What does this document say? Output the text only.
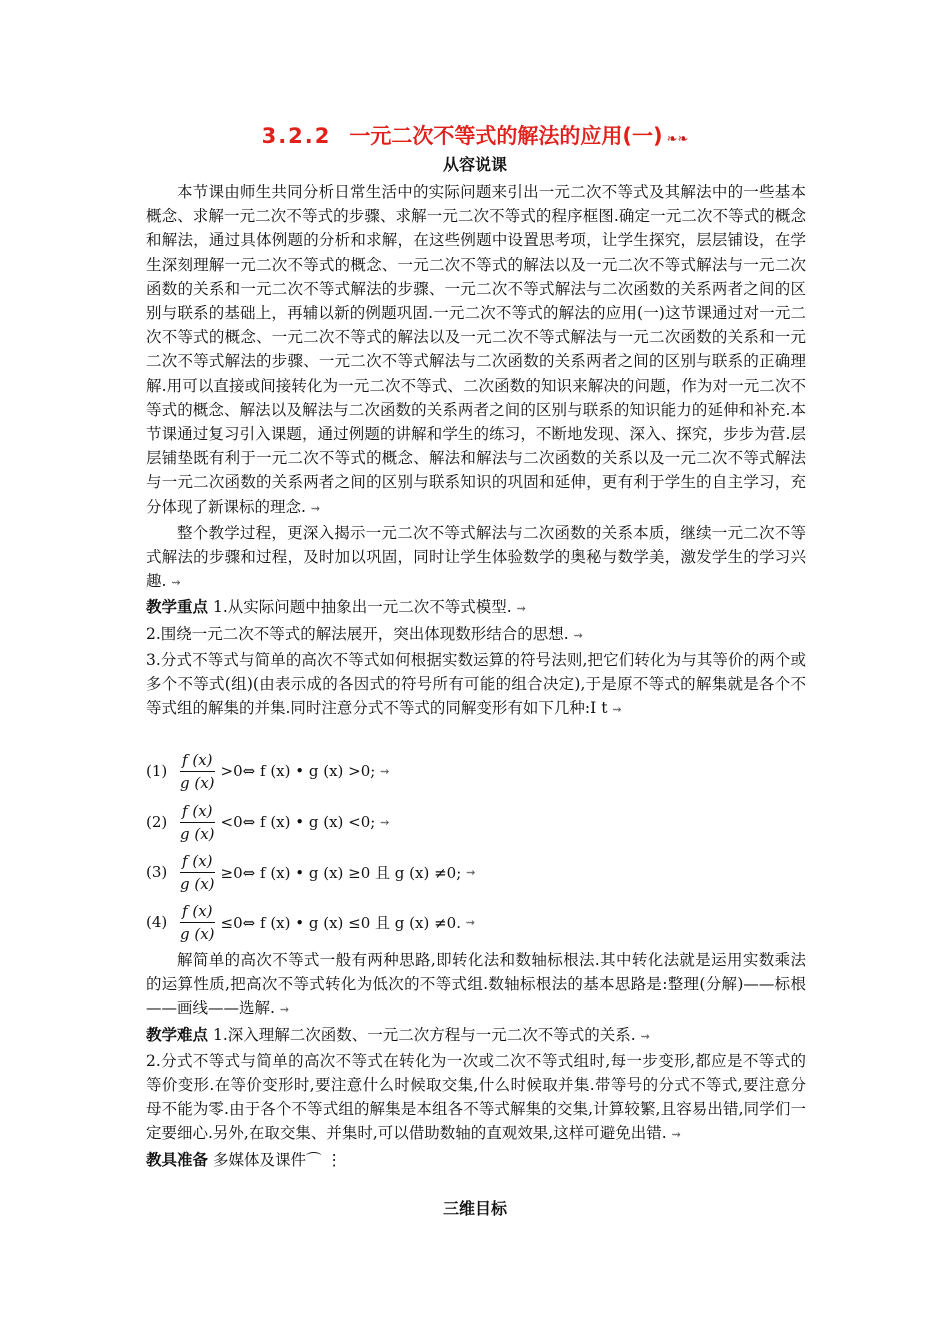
3.2.2 一元二次不等式的解法的应用(一) ❧❧
从容说课

本节课由师生共同分析日常生活中的实际问题来引出一元二次不等式及其解法中的一些基本概念、求解一元二次不等式的步骤、求解一元二次不等式的程序框图.确定一元二次不等式的概念和解法，通过具体例题的分析和求解，在这些例题中设置思考项，让学生探究，层层铺设，在学生深刻理解一元二次不等式的概念、一元二次不等式的解法以及一元二次不等式解法与一元二次函数的关系和一元二次不等式解法的步骤、一元二次不等式解法与二次函数的关系两者之间的区别与联系的基础上，再辅以新的例题巩固.一元二次不等式的解法的应用(一)这节课通过对一元二次不等式的概念、一元二次不等式的解法以及一元二次不等式解法与一元二次函数的关系和一元二次不等式解法的步骤、一元二次不等式解法与二次函数的关系两者之间的区别与联系的正确理解.用可以直接或间接转化为一元二次不等式、二次函数的知识来解决的问题，作为对一元二次不等式的概念、解法以及解法与二次函数的关系两者之间的区别与联系的知识能力的延伸和补充.本节课通过复习引入课题，通过例题的讲解和学生的练习，不断地发现、深入、探究，步步为营.层层铺垫既有利于一元二次不等式的概念、解法和解法与二次函数的关系以及一元二次不等式解法与一元二次函数的关系两者之间的区别与联系知识的巩固和延伸，更有利于学生的自主学习，充分体现了新课标的理念. ⇝

整个教学过程，更深入揭示一元二次不等式解法与二次函数的关系本质，继续一元二次不等式解法的步骤和过程，及时加以巩固，同时让学生体验数学的奥秘与数学美，激发学生的学习兴趣. ⇝

教学重点 1.从实际问题中抽象出一元二次不等式模型. ⇝

2.围绕一元二次不等式的解法展开，突出体现数形结合的思想. ⇝

3.分式不等式与简单的高次不等式如何根据实数运算的符号法则,把它们转化为与其等价的两个或多个不等式(组)(由表示成的各因式的符号所有可能的组合决定),于是原不等式的解集就是各个不等式组的解集的并集.同时注意分式不等式的同解变形有如下几种:I t ⇝

$(1) \frac{f (x)}{g (x)}$ >0⇔ f (x) • g (x) >0;
⇝
$(2) \frac{f (x)}{g (x)}$ <0⇔ f (x) • g (x) <0;
⇝
$(3) \frac{f (x)}{g (x)}$ ≥0⇔ f (x) • g (x) ≥0 且 g (x) ≠0;
⇝
$(4) \frac{f (x)}{g (x)}$ ≤0⇔ f (x) • g (x) ≤0 且 g (x) ≠0.
⇝

解简单的高次不等式一般有两种思路,即转化法和数轴标根法.其中转化法就是运用实数乘法的运算性质,把高次不等式转化为低次的不等式组.数轴标根法的基本思路是:整理(分解)——标根——画线——选解. ⇝

教学难点 1.深入理解二次函数、一元二次方程与一元二次不等式的关系. ⇝

2.分式不等式与简单的高次不等式在转化为一次或二次不等式组时,每一步变形,都应是不等式的等价变形.在等价变形时,要注意什么时候取交集,什么时候取并集.带等号的分式不等式,要注意分母不能为零.由于各个不等式组的解集是本组各不等式解集的交集,计算较繁,且容易出错,同学们一定要细心.另外,在取交集、并集时,可以借助数轴的直观效果,这样可避免出错. ⇝

教具准备 多媒体及课件⌒ ⋮

三维目标
